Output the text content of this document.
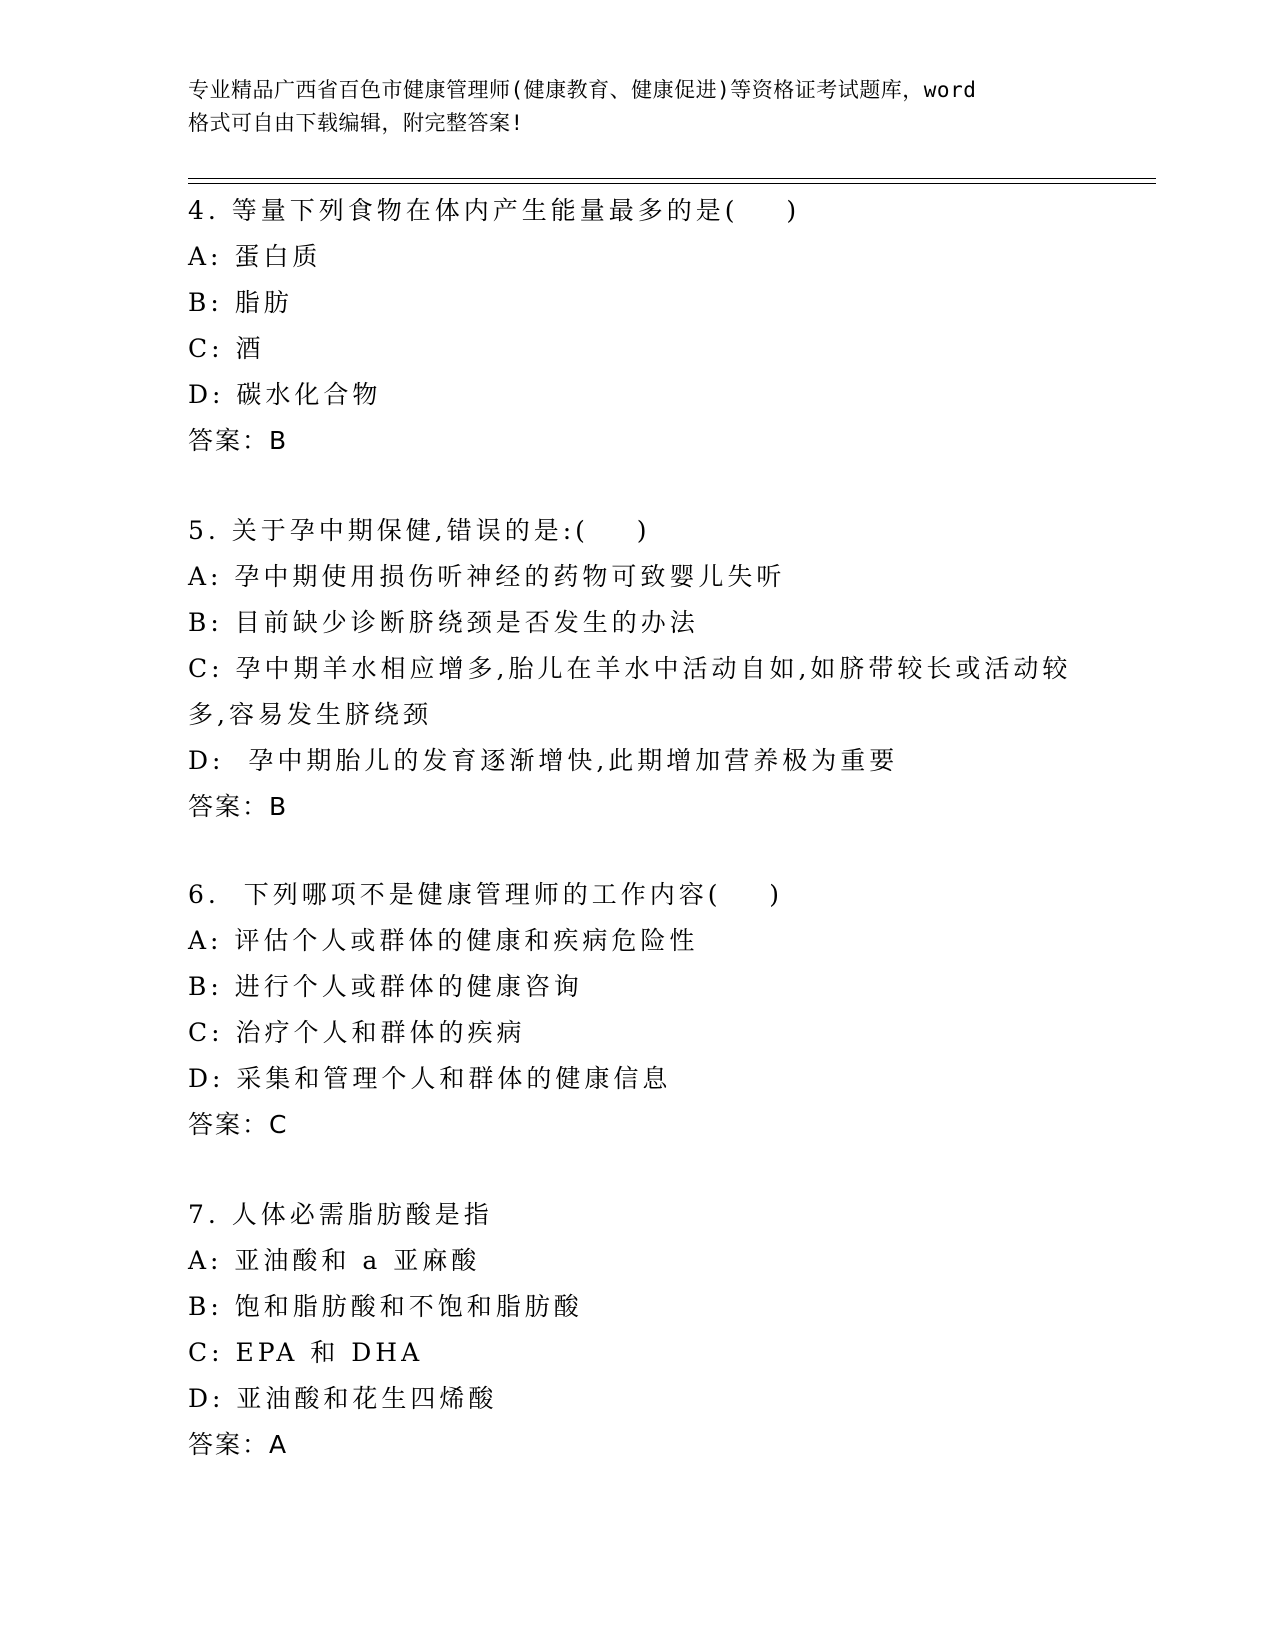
专业精品广西省百色市健康管理师(健康教育、健康促进)等资格证考试题库，word
格式可自由下载编辑，附完整答案!
4. 等量下列食物在体内产生能量最多的是(    )
A: 蛋白质
B: 脂肪
C: 酒
D: 碳水化合物
答案：B
5. 关于孕中期保健,错误的是:(    )
A: 孕中期使用损伤听神经的药物可致婴儿失听
B: 目前缺少诊断脐绕颈是否发生的办法
C: 孕中期羊水相应增多,胎儿在羊水中活动自如,如脐带较长或活动较
多,容易发生脐绕颈
D:  孕中期胎儿的发育逐渐增快,此期增加营养极为重要
答案：B
6.  下列哪项不是健康管理师的工作内容(    )
A: 评估个人或群体的健康和疾病危险性
B: 进行个人或群体的健康咨询
C: 治疗个人和群体的疾病
D: 采集和管理个人和群体的健康信息
答案：C
7. 人体必需脂肪酸是指
A: 亚油酸和 a 亚麻酸
B: 饱和脂肪酸和不饱和脂肪酸
C: EPA 和 DHA
D: 亚油酸和花生四烯酸
答案：A
